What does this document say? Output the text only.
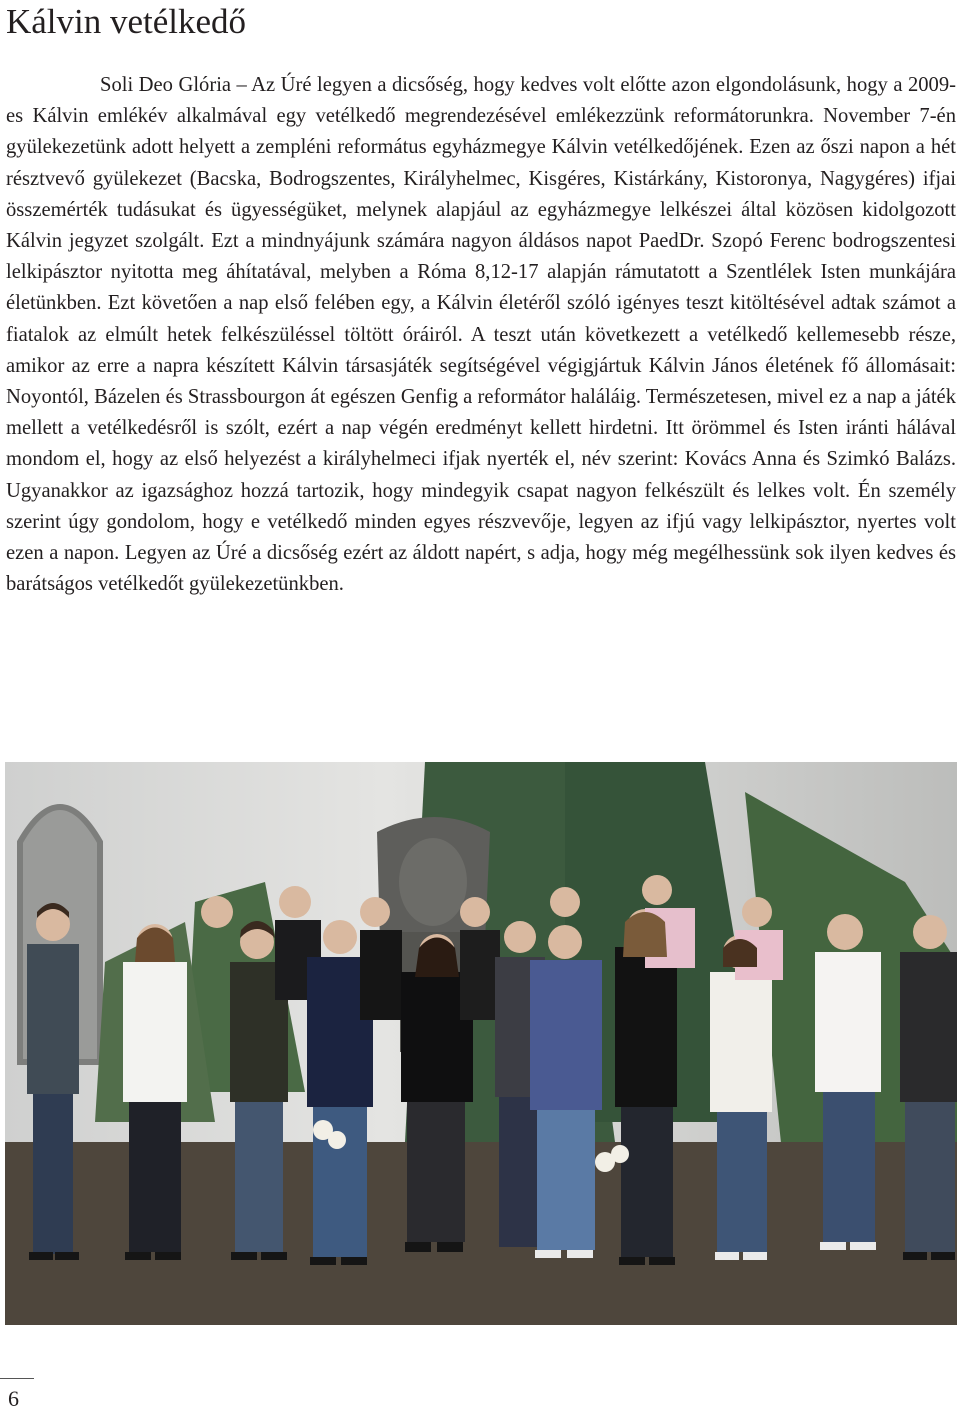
Kálvin vetélkedő

Soli Deo Glória – Az Úré legyen a dicsőség, hogy kedves volt előtte azon elgondolásunk, hogy a 2009-es Kálvin emlékév alkalmával egy vetélkedő megrendezésével emlékezzünk reformátorunkra. November 7-én gyülekezetünk adott helyett a zempléni református egyházmegye Kálvin vetélkedőjének. Ezen az őszi napon a hét résztvevő gyülekezet (Bacska, Bodrogszentes, Királyhelmec, Kisgéres, Kistárkány, Kistoronya, Nagygéres) ifjai összemérték tudásukat és ügyességüket, melynek alapjául az egyházmegye lelkészei által közösen kidolgozott Kálvin jegyzet szolgált. Ezt a mindnyájunk számára nagyon áldásos napot PaedDr. Szopó Ferenc bodrogszentesi lelkipásztor nyitotta meg áhítatával, melyben a Róma 8,12-17 alapján rámutatott a Szentlélek Isten munkájára életünkben. Ezt követően a nap első felében egy, a Kálvin életéről szóló igényes teszt kitöltésével adtak számot a fiatalok az elmúlt hetek felkészüléssel töltött óráiról. A teszt után következett a vetélkedő kellemesebb része, amikor az erre a napra készített Kálvin társasjáték segítségével végigjártuk Kálvin János életének fő állomásait: Noyontól, Bázelen és Strassbourgon át egészen Genfig a reformátor haláláig. Természetesen, mivel ez a nap a játék mellett a vetélkedésről is szólt, ezért a nap végén eredményt kellett hirdetni. Itt örömmel és Isten iránti hálával mondom el, hogy az első helyezést a királyhelmeci ifjak nyerték el, név szerint: Kovács Anna és Szimkó Balázs. Ugyanakkor az igazsághoz hozzá tartozik, hogy mindegyik csapat nagyon felkészült és lelkes volt. Én személy szerint úgy gondolom, hogy e vetélkedő minden egyes részvevője, legyen az ifjú vagy lelkipásztor, nyertes volt ezen a napon. Legyen az Úré a dicsőség ezért az áldott napért, s adja, hogy még megélhessünk sok ilyen kedves és barátságos vetélkedőt gyülekezetünkben.

6
